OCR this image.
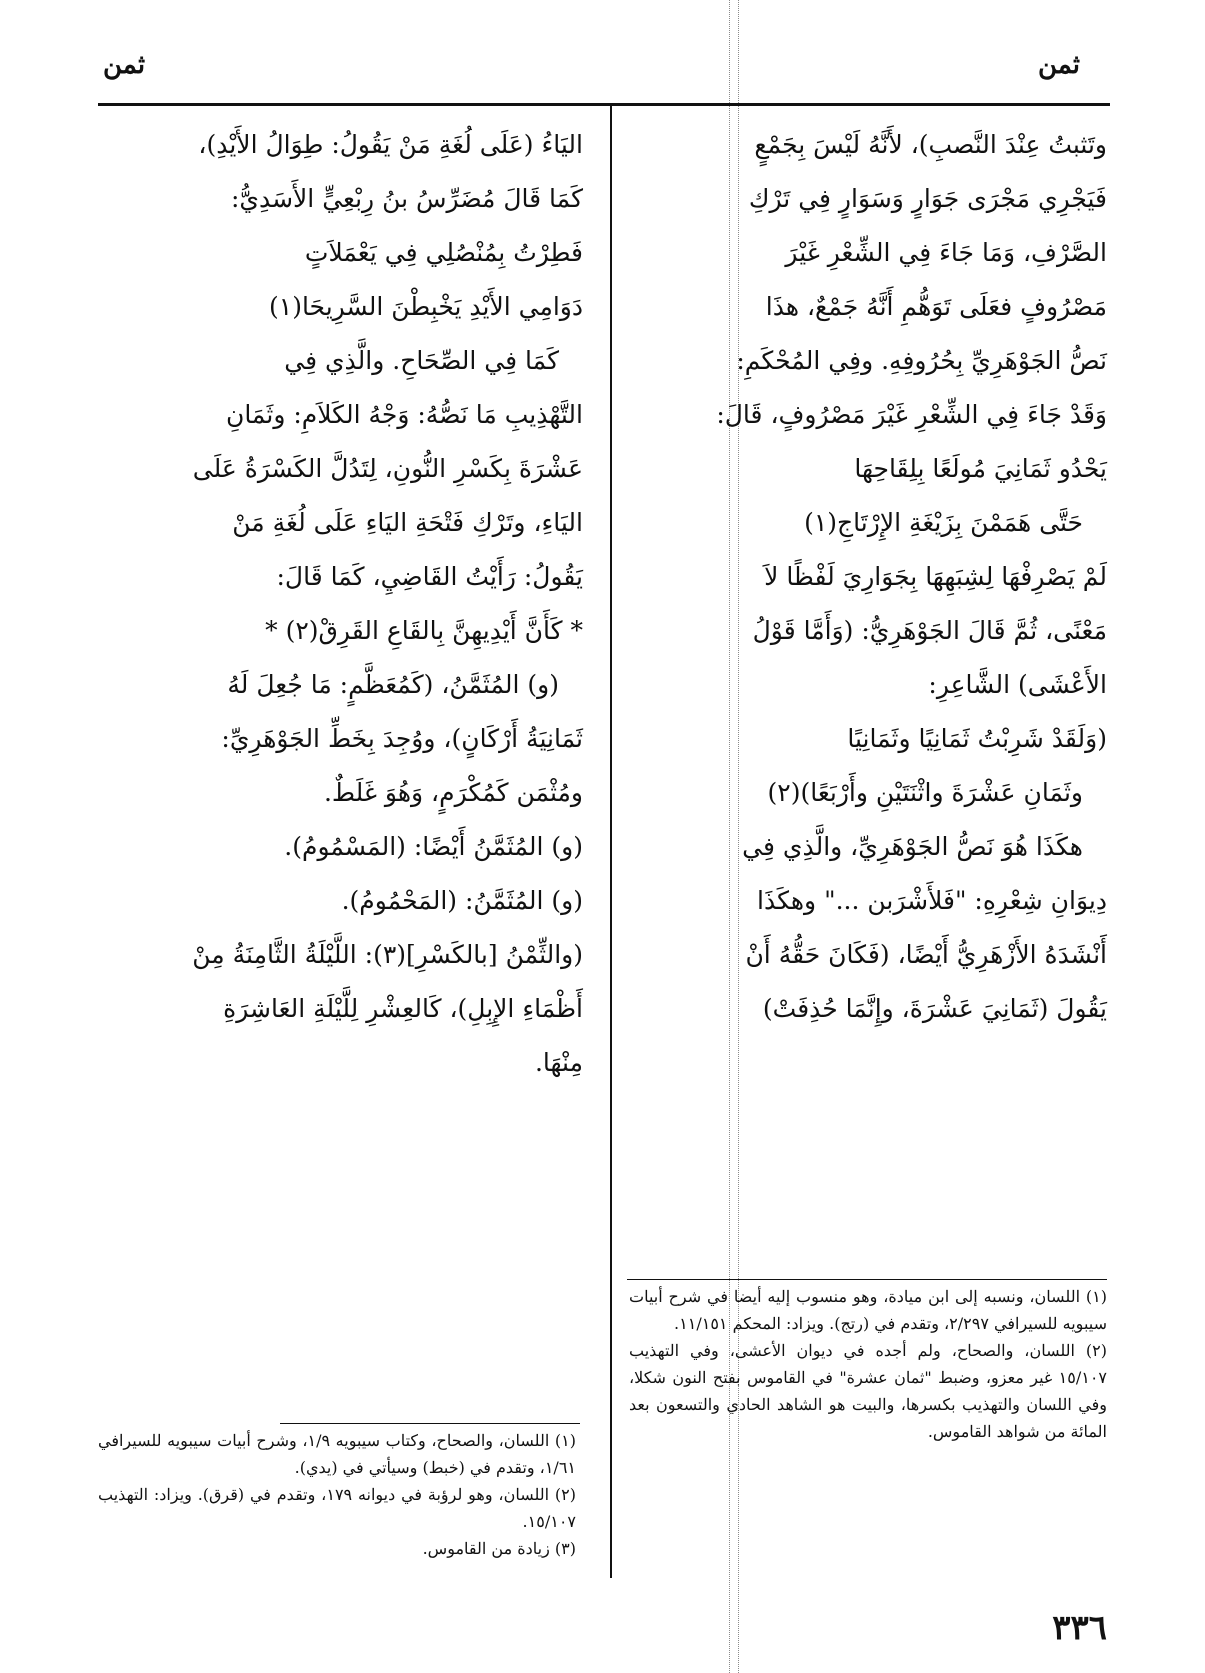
ثمن
ثمن

وتَثبتُ عِنْدَ النَّصبِ)، لأَنَّهُ لَيْسَ بِجَمْعٍ

فَيَجْرِي مَجْرَى جَوَارٍ وَسَوَارٍ فِي تَرْكِ

الصَّرْفِ، وَمَا جَاءَ فِي الشِّعْرِ غَيْرَ

مَصْرُوفٍ فعَلَى تَوَهُّمِ أَنَّهُ جَمْعٌ، هذَا

نَصُّ الجَوْهَرِيِّ بِحُرُوفِهِ. وفِي المُحْكَمِ:

وَقَدْ جَاءَ فِي الشِّعْرِ غَيْرَ مَصْرُوفٍ، قَالَ:

يَحْدُو ثَمَانِيَ مُولَعًا بِلِقَاحِهَا

حَتَّى هَمَمْنَ بِزَيْغَةِ الإِرْتَاجِ(١)

لَمْ يَصْرِفْهَا لِشِبَهِهَا بِجَوَارِيَ لَفْظًا لاَ

مَعْنًى، ثُمَّ قَالَ الجَوْهَرِيُّ: (وَأَمَّا قَوْلُ

الأَعْشَى) الشَّاعِرِ:

(وَلَقَدْ شَرِبْتُ ثَمَانِيًا وثَمَانِيًا

وثَمَانِ عَشْرَةَ واثْنَتَيْنِ وأَرْبَعًا)(٢)

هكَذَا هُوَ نَصُّ الجَوْهَرِيِّ، والَّذِي فِي

دِيوَانِ شِعْرِهِ: "فَلأَشْرَبن ..." وهكَذَا

أَنْشَدَهُ الأَزْهَرِيُّ أَيْضًا، (فَكَانَ حَقُّهُ أَنْ

يَقُولَ (ثَمَانِيَ عَشْرَةَ، وإِنَّمَا حُذِفَتْ)

(١) اللسان، ونسبه إلى ابن ميادة، وهو منسوب إليه أيضا في شرح أبيات سيبويه للسيرافي ٢/٢٩٧، وتقدم في (رتج). ويزاد: المحكم ١١/١٥١.

(٢) اللسان، والصحاح، ولم أجده في ديوان الأعشى، وفي التهذيب ١٥/١٠٧ غير معزو، وضبط "ثمان عشرة" في القاموس بفتح النون شكلا، وفي اللسان والتهذيب بكسرها، والبيت هو الشاهد الحادي والتسعون بعد المائة من شواهد القاموس.

اليَاءُ (عَلَى لُغَةِ مَنْ يَقُولُ: طِوَالُ الأَيْدِ)،

كَمَا قَالَ مُضَرِّسُ بنُ رِبْعِيٍّ الأَسَدِيُّ:

فَطِرْتُ بِمُنْصُلِي فِي يَعْمَلاَتٍ

دَوَامِي الأَيْدِ يَخْبِطْنَ السَّرِيحَا(١)

كَمَا فِي الصِّحَاحِ. والَّذِي فِي

التَّهْذِيبِ مَا نَصُّهُ: وَجْهُ الكَلاَمِ: وثَمَانِ

عَشْرَةَ بِكَسْرِ النُّونِ، لِتَدُلَّ الكَسْرَةُ عَلَى

اليَاءِ، وتَرْكِ فَتْحَةِ اليَاءِ عَلَى لُغَةِ مَنْ

يَقُولُ: رَأَيْتُ القَاضِيِ، كَمَا قَالَ:

* كَأَنَّ أَيْدِيهِنَّ بِالقَاعِ القَرِقْ(٢) *

(و) المُثَمَّنُ، (كَمُعَظَّمٍ: مَا جُعِلَ لَهُ

ثَمَانِيَةُ أَرْكَانٍ)، ووُجِدَ بِخَطِّ الجَوْهَرِيِّ:

ومُثْمَن كَمُكْرَمٍ، وَهُوَ غَلَطٌ.

(و) المُثَمَّنُ أَيْضًا: (المَسْمُومُ).

(و) المُثَمَّنُ: (المَحْمُومُ).

(والثِّمْنُ [بالكَسْرِ](٣): اللَّيْلَةُ الثَّامِنَةُ مِنْ

أَظْمَاءِ الإِبِلِ)، كَالعِشْرِ لِلَّيْلَةِ العَاشِرَةِ

مِنْهَا.

(١) اللسان، والصحاح، وكتاب سيبويه ١/٩، وشرح أبيات سيبويه للسيرافي ١/٦١، وتقدم في (خبط) وسيأتي في (يدي).

(٢) اللسان، وهو لرؤبة في ديوانه ١٧٩، وتقدم في (قرق). ويزاد: التهذيب ١٥/١٠٧.

(٣) زيادة من القاموس.

٣٣٦
